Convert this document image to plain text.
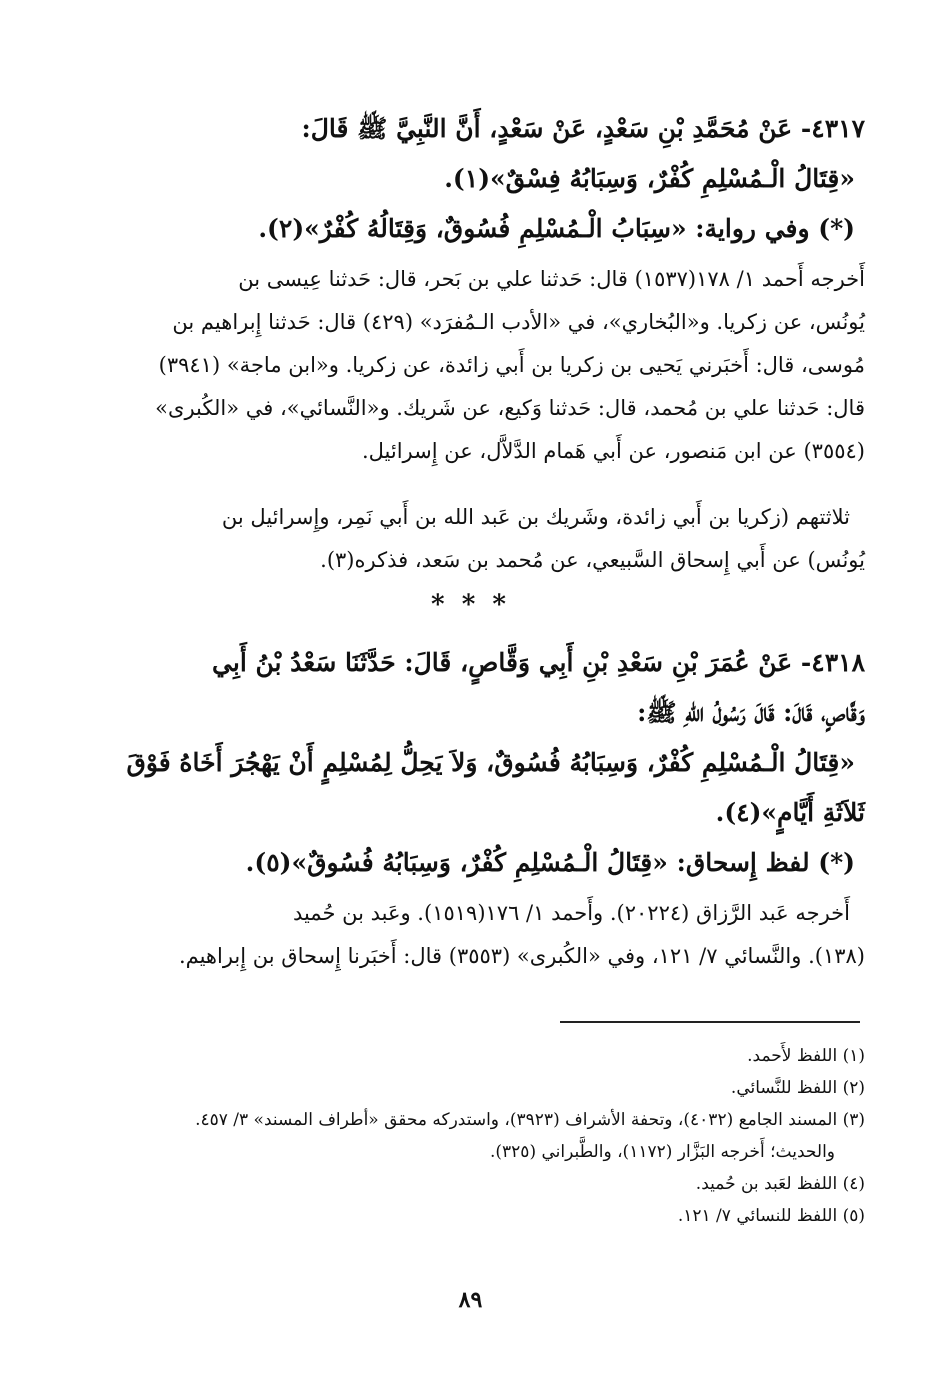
٤٣١٧- عَنْ مُحَمَّدِ بْنِ سَعْدٍ، عَنْ سَعْدٍ، أَنَّ النَّبِيَّ ﷺ قَالَ:
«قِتَالُ الْـمُسْلِمِ كُفْرٌ، وَسِبَابُهُ فِسْقٌ»(١).
(*) وفي رواية: «سِبَابُ الْـمُسْلِمِ فُسُوقٌ، وَقِتَالُهُ كُفْرٌ»(٢).
أَخرجه أَحمد ١/ ١٧٨(١٥٣٧) قال: حَدثنا علي بن بَحر، قال: حَدثنا عِيسى بن
يُونُس، عن زكريا. و«البُخاري»، في «الأدب الـمُفرَد» (٤٢٩) قال: حَدثنا إِبراهيم بن
مُوسى، قال: أَخبَرني يَحيى بن زكريا بن أَبي زائدة، عن زكريا. و«ابن ماجة» (٣٩٤١)
قال: حَدثنا علي بن مُحمد، قال: حَدثنا وَكيع، عن شَريك. و«النَّسائي»، في «الكُبرى»
(٣٥٥٤) عن ابن مَنصور، عن أَبي هَمام الدَّلاَّل، عن إِسرائيل.
ثلاثتهم (زكريا بن أَبي زائدة، وشَريك بن عَبد الله بن أَبي نَمِر، وإِسرائيل بن
يُونُس) عن أَبي إِسحاق السَّبيعي، عن مُحمد بن سَعد، فذكره(٣).
* * *
٤٣١٨- عَنْ عُمَرَ بْنِ سَعْدِ بْنِ أَبِي وَقَّاصٍ، قَالَ: حَدَّثَنَا سَعْدُ بْنُ أَبِي
وَقَّاصٍ، قَالَ: قَالَ رَسُولُ اللهِ ﷺ:
«قِتَالُ الْـمُسْلِمِ كُفْرٌ، وَسِبَابُهُ فُسُوقٌ، وَلاَ يَحِلُّ لِمُسْلِمٍ أَنْ يَهْجُرَ أَخَاهُ فَوْقَ
ثَلاَثَةِ أَيَّامٍ»(٤).
(*) لفظ إِسحاق: «قِتَالُ الْـمُسْلِمِ كُفْرٌ، وَسِبَابُهُ فُسُوقٌ»(٥).
أَخرجه عَبد الرَّزاق (٢٠٢٢٤). وأَحمد ١/ ١٧٦(١٥١٩). وعَبد بن حُميد
(١٣٨). والنَّسائي ٧/ ١٢١، وفي «الكُبرى» (٣٥٥٣) قال: أَخبَرنا إِسحاق بن إِبراهيم.
(١) اللفظ لأَحمد.
(٢) اللفظ للنَّسائي.
(٣) المسند الجامع (٤٠٣٢)، وتحفة الأشراف (٣٩٢٣)، واستدركه محقق «أطراف المسند» ٣/ ٤٥٧.
والحديث؛ أَخرجه البَزَّار (١١٧٢)، والطَّبراني (٣٢٥).
(٤) اللفظ لعَبد بن حُميد.
(٥) اللفظ للنسائي ٧/ ١٢١.
٨٩
